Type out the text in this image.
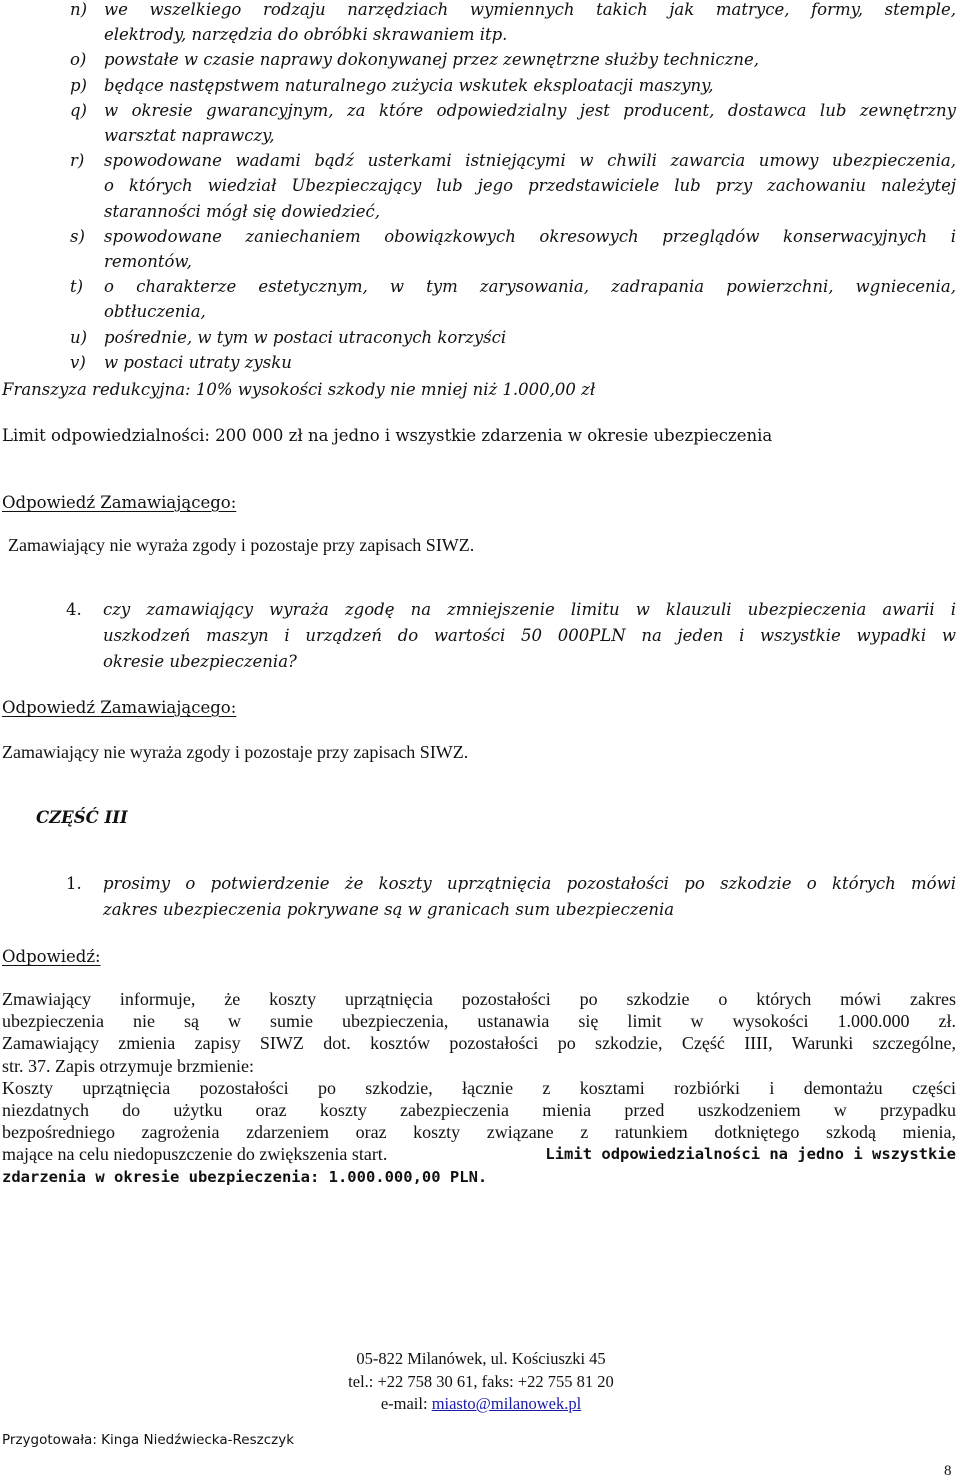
n) we wszelkiego rodzaju narzędziach wymiennych takich jak matryce, formy, stemple,
elektrody, narzędzia do obróbki skrawaniem itp.
o) powstałe w czasie naprawy dokonywanej przez zewnętrzne służby techniczne,
p) będące następstwem naturalnego zużycia wskutek eksploatacji maszyny,
q) w okresie gwarancyjnym, za które odpowiedzialny jest producent, dostawca lub zewnętrzny
warsztat naprawczy,
r) spowodowane wadami bądź usterkami istniejącymi w chwili zawarcia umowy ubezpieczenia,
o których wiedział Ubezpieczający lub jego przedstawiciele lub przy zachowaniu należytej
staranności mógł się dowiedzieć,
s) spowodowane zaniechaniem obowiązkowych okresowych przeglądów konserwacyjnych i
remontów,
t) o charakterze estetycznym, w tym zarysowania, zadrapania powierzchni, wgniecenia,
obtłuczenia,
u) pośrednie, w tym w postaci utraconych korzyści
v) w postaci utraty zysku
Franszyza redukcyjna: 10% wysokości szkody nie mniej niż 1.000,00 zł
Limit odpowiedzialności: 200 000 zł na jedno i wszystkie zdarzenia w okresie ubezpieczenia
Odpowiedź Zamawiającego:
Zamawiający nie wyraża zgody i pozostaje przy zapisach SIWZ.
4. czy zamawiający wyraża zgodę na zmniejszenie limitu w klauzuli ubezpieczenia awarii i
uszkodzeń maszyn i urządzeń do wartości 50 000PLN na jeden i wszystkie wypadki w
okresie ubezpieczenia?
Odpowiedź Zamawiającego:
Zamawiający nie wyraża zgody i pozostaje przy zapisach SIWZ.
CZĘŚĆ III
1. prosimy o potwierdzenie że koszty uprzątnięcia pozostałości po szkodzie o których mówi
zakres ubezpieczenia pokrywane są w granicach sum ubezpieczenia
Odpowiedź:
Zmawiający informuje, że koszty uprzątnięcia pozostałości po szkodzie o których mówi zakres
ubezpieczenia nie są w sumie ubezpieczenia, ustanawia się limit w wysokości 1.000.000 zł.
Zamawiający zmienia zapisy SIWZ dot. kosztów pozostałości po szkodzie, Część IIII, Warunki szczególne,
str. 37. Zapis otrzymuje brzmienie:
Koszty uprzątnięcia pozostałości po szkodzie, łącznie z kosztami rozbiórki i demontażu części
niezdatnych do użytku oraz koszty zabezpieczenia mienia przed uszkodzeniem w przypadku
bezpośredniego zagrożenia zdarzeniem oraz koszty związane z ratunkiem dotkniętego szkodą mienia,
mające na celu niedopuszczenie do zwiększenia start.	Limit odpowiedzialności na jedno i wszystkie
zdarzenia w okresie ubezpieczenia: 1.000.000,00 PLN.
05-822 Milanówek, ul. Kościuszki 45
tel.: +22 758 30 61, faks: +22 755 81 20
e-mail: miasto@milanowek.pl
Przygotowała: Kinga Niedźwiecka-Reszczyk
8
